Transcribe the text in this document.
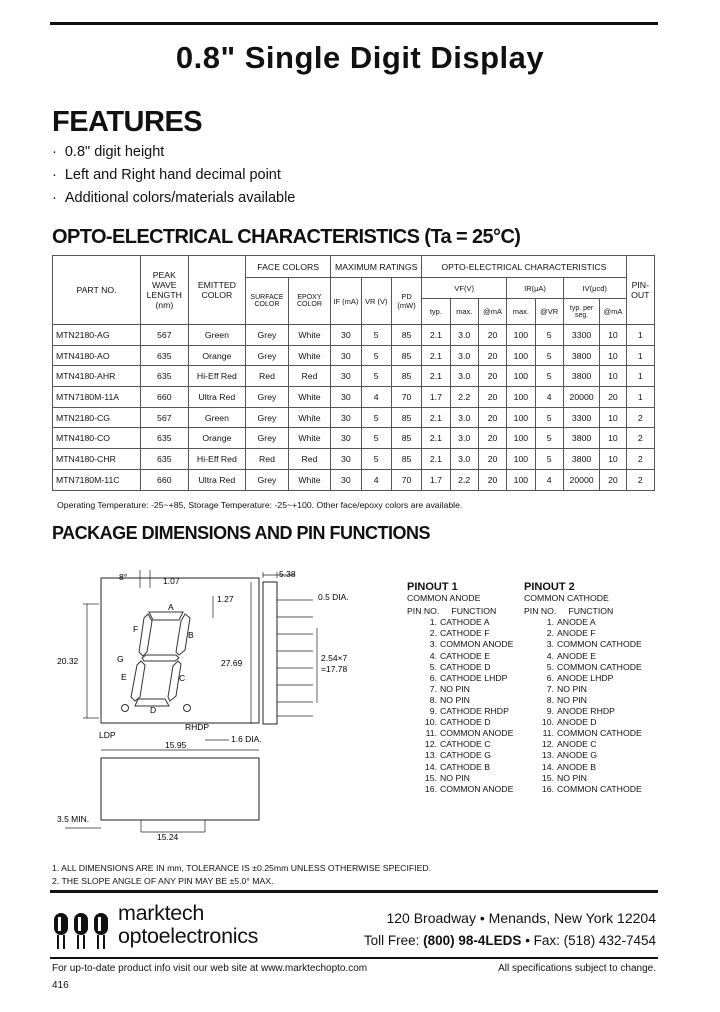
0.8" Single Digit Display
FEATURES
· 0.8" digit height
· Left and Right hand decimal point
· Additional colors/materials available
OPTO-ELECTRICAL CHARACTERISTICS (Ta = 25°C)
PART NO.	PEAK WAVE LENGTH (nm)	EMITTED COLOR	FACE COLORS		MAXIMUM RATINGS			OPTO-ELECTRICAL CHARACTERISTICS							PIN-OUT
			SURFACE COLOR	EPOXY COLOR	IF (mA)	VR (V)	PD (mW)	VF(V)			IR(μA)		IV(μcd)		
								typ.	max.	@mA	max.	@VR	typ. per seg.	@mA	
MTN2180-AG	567	Green	Grey	White	30	5	85	2.1	3.0	20	100	5	3300	10	1
MTN4180-AO	635	Orange	Grey	White	30	5	85	2.1	3.0	20	100	5	3800	10	1
MTN4180-AHR	635	Hi-Eff Red	Red	Red	30	5	85	2.1	3.0	20	100	5	3800	10	1
MTN7180M-11A	660	Ultra Red	Grey	White	30	4	70	1.7	2.2	20	100	4	20000	20	1
MTN2180-CG	567	Green	Grey	White	30	5	85	2.1	3.0	20	100	5	3300	10	2
MTN4180-CO	635	Orange	Grey	White	30	5	85	2.1	3.0	20	100	5	3800	10	2
MTN4180-CHR	635	Hi-Eff Red	Red	Red	30	5	85	2.1	3.0	20	100	5	3800	10	2
MTN7180M-11C	660	Ultra Red	Grey	White	30	4	70	1.7	2.2	20	100	4	20000	20	2
Operating Temperature: -25~+85, Storage Temperature: -25~+100. Other face/epoxy colors are available.
PACKAGE DIMENSIONS AND PIN FUNCTIONS
A
B
C
D
E
F
G
LDP
RHDP
8°	1.07
20.32
1.27
5.38
0.5 DIA.
27.69	2.54×7
=17.78
15.95
1.6 DIA.
3.5 MIN.
15.24
PINOUT 1
COMMON ANODE
PIN NO. FUNCTION
1. CATHODE A
2. CATHODE F
3. COMMON ANODE
4. CATHODE E
5. CATHODE D
6. CATHODE LHDP
7. NO PIN
8. NO PIN
9. CATHODE RHDP
10. CATHODE D
11. COMMON ANODE
12. CATHODE C
13. CATHODE G
14. CATHODE B
15. NO PIN
16. COMMON ANODE
PINOUT 2
COMMON CATHODE
PIN NO. FUNCTION
1. ANODE A
2. ANODE F
3. COMMON CATHODE
4. ANODE E
5. COMMON CATHODE
6. ANODE LHDP
7. NO PIN
8. NO PIN
9. ANODE RHDP
10. ANODE D
11. COMMON CATHODE
12. ANODE C
13. ANODE G
14. ANODE B
15. NO PIN
16. COMMON CATHODE
1. ALL DIMENSIONS ARE IN mm, TOLERANCE IS ±0.25mm UNLESS OTHERWISE SPECIFIED.
2. THE SLOPE ANGLE OF ANY PIN MAY BE ±5.0° MAX.
marktech
optoelectronics
120 Broadway • Menands, New York 12204
Toll Free: (800) 98-4LEDS • Fax: (518) 432-7454
For up-to-date product info visit our web site at www.marktechopto.com	All specifications subject to change.
416
